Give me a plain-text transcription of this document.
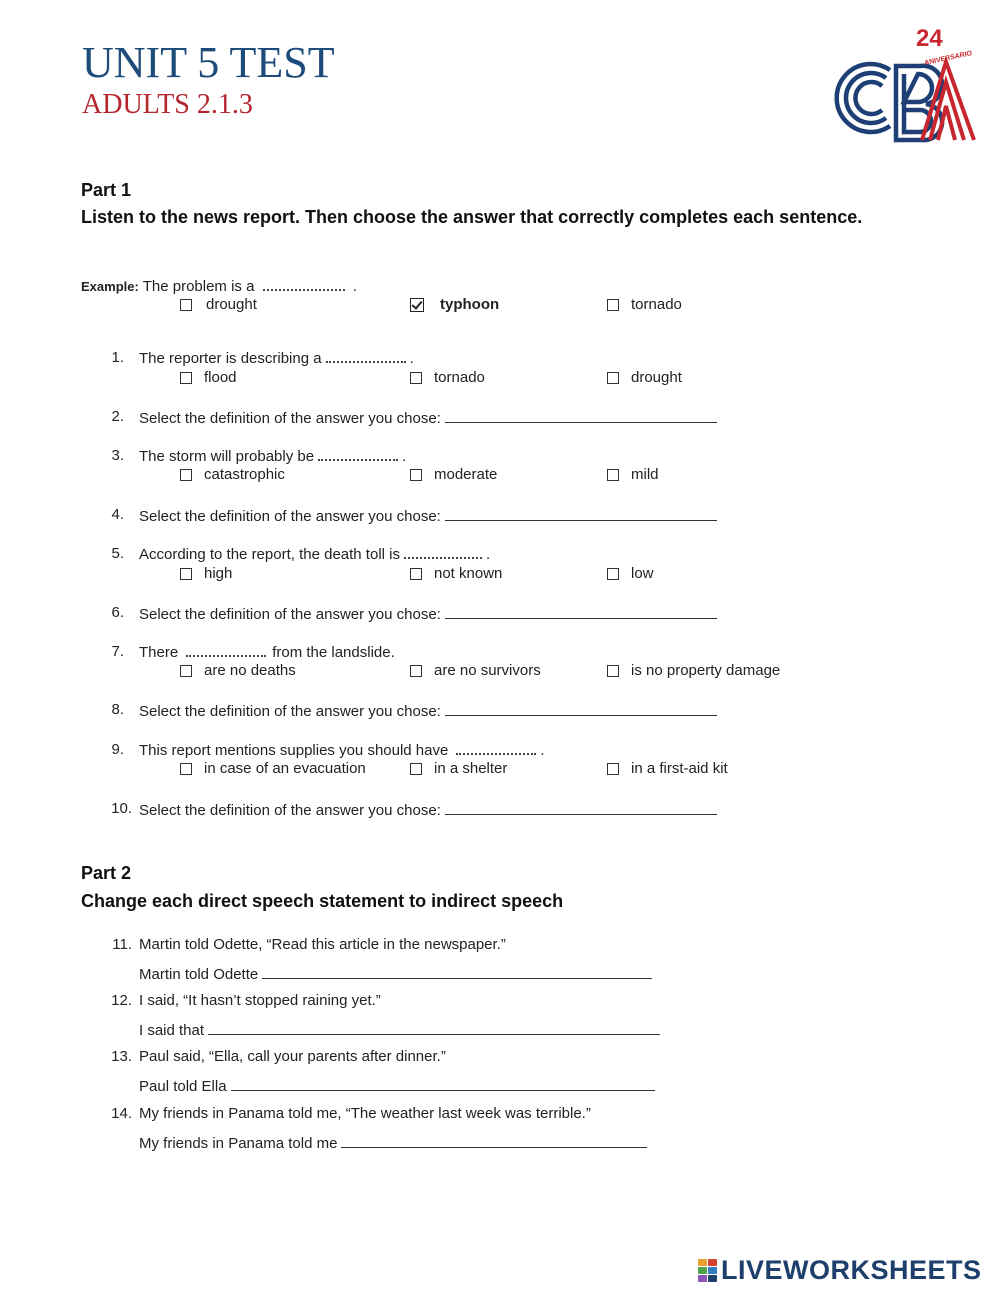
UNIT 5 TEST
ADULTS 2.1.3
24
ANIVERSARIO
Part 1
Listen to the news report. Then choose the answer that correctly completes each sentence.
Example: The problem is a	.
drought	typhoon	tornado
1. The reporter is describing a	.
flood	tornado	drought
2. Select the definition of the answer you chose:
3. The storm will probably be	.
catastrophic	moderate	mild
4. Select the definition of the answer you chose:
5. According to the report, the death toll is	.
high	not known	low
6. Select the definition of the answer you chose:
7. There	from the landslide.
are no deaths	are no survivors	is no property damage
8. Select the definition of the answer you chose:
9. This report mentions supplies you should have	.
in case of an evacuation	in a shelter	in a first-aid kit
10. Select the definition of the answer you chose:
Part 2
Change each direct speech statement to indirect speech
11. Martin told Odette, “Read this article in the newspaper.”
Martin told Odette
12. I said, “It hasn’t stopped raining yet.”
I said that
13. Paul said, “Ella, call your parents after dinner.”
Paul told Ella
14. My friends in Panama told me, “The weather last week was terrible.”
My friends in Panama told me
LIVEWORKSHEETS
